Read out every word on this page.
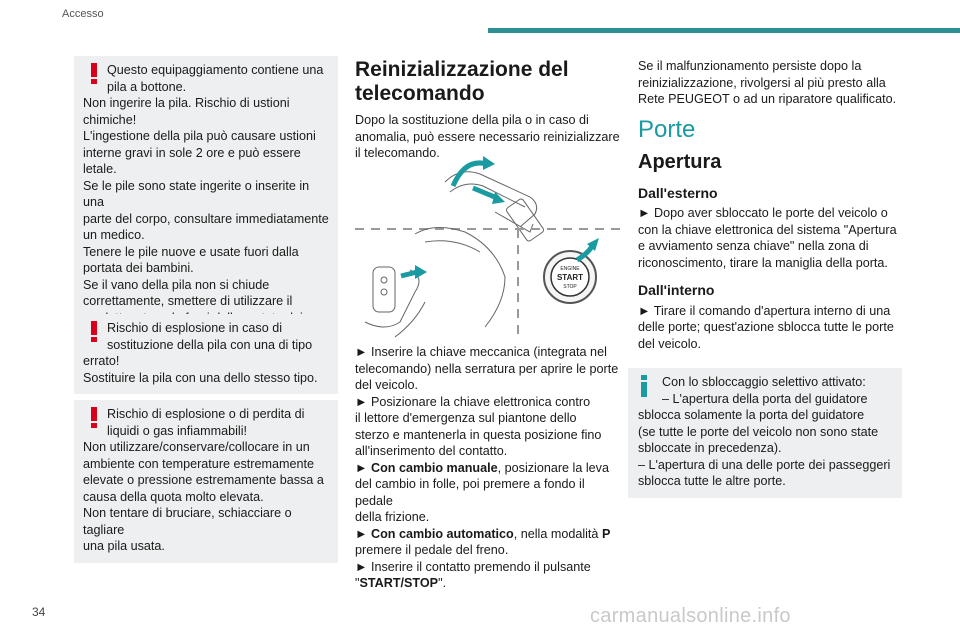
Accesso

Questo equipaggiamento contiene una
pila a bottone.

Non ingerire la pila. Rischio di ustioni
chimiche!
L'ingestione della pila può causare ustioni
interne gravi in sole 2 ore e può essere letale.
Se le pile sono state ingerite o inserite in una
parte del corpo, consultare immediatamente
un medico.
Tenere le pile nuove e usate fuori dalla
portata dei bambini.
Se il vano della pila non si chiude
correttamente, smettere di utilizzare il

Rischio di esplosione in caso di
sostituzione della pila con una di tipo

errato!
Sostituire la pila con una dello stesso tipo.

Rischio di esplosione o di perdita di
liquidi o gas infiammabili!

Non utilizzare/conservare/collocare in un
ambiente con temperature estremamente
elevate o pressione estremamente bassa a
causa della quota molto elevata.
Non tentare di bruciare, schiacciare o tagliare
una pila usata.

Reinizializzazione del
telecomando

Dopo la sostituzione della pila o in caso di
anomalia, può essere necessario reinizializzare
il telecomando.

ENGINE
START
STOP

► Inserire la chiave meccanica (integrata nel
telecomando) nella serratura per aprire le porte
del veicolo.

► Posizionare la chiave elettronica contro
il lettore d'emergenza sul piantone dello
sterzo e mantenerla in questa posizione fino
all'inserimento del contatto.

► Con cambio manuale, posizionare la leva
del cambio in folle, poi premere a fondo il pedale
della frizione.

► Con cambio automatico, nella modalità P
premere il pedale del freno.

► Inserire il contatto premendo il pulsante
"START/STOP".

Se il malfunzionamento persiste dopo la
reinizializzazione, rivolgersi al più presto alla
Rete PEUGEOT o ad un riparatore qualificato.

Porte
Apertura
Dall'esterno

► Dopo aver sbloccato le porte del veicolo o
con la chiave elettronica del sistema "Apertura
e avviamento senza chiave" nella zona di
riconoscimento, tirare la maniglia della porta.

Dall'interno

► Tirare il comando d'apertura interno di una
delle porte; quest'azione sblocca tutte le porte
del veicolo.

Con lo sbloccaggio selettivo attivato:
– L'apertura della porta del guidatore

sblocca solamente la porta del guidatore
(se tutte le porte del veicolo non sono state
sbloccate in precedenza).
– L'apertura di una delle porte dei passeggeri
sblocca tutte le altre porte.

34	carmanualsonline.info
